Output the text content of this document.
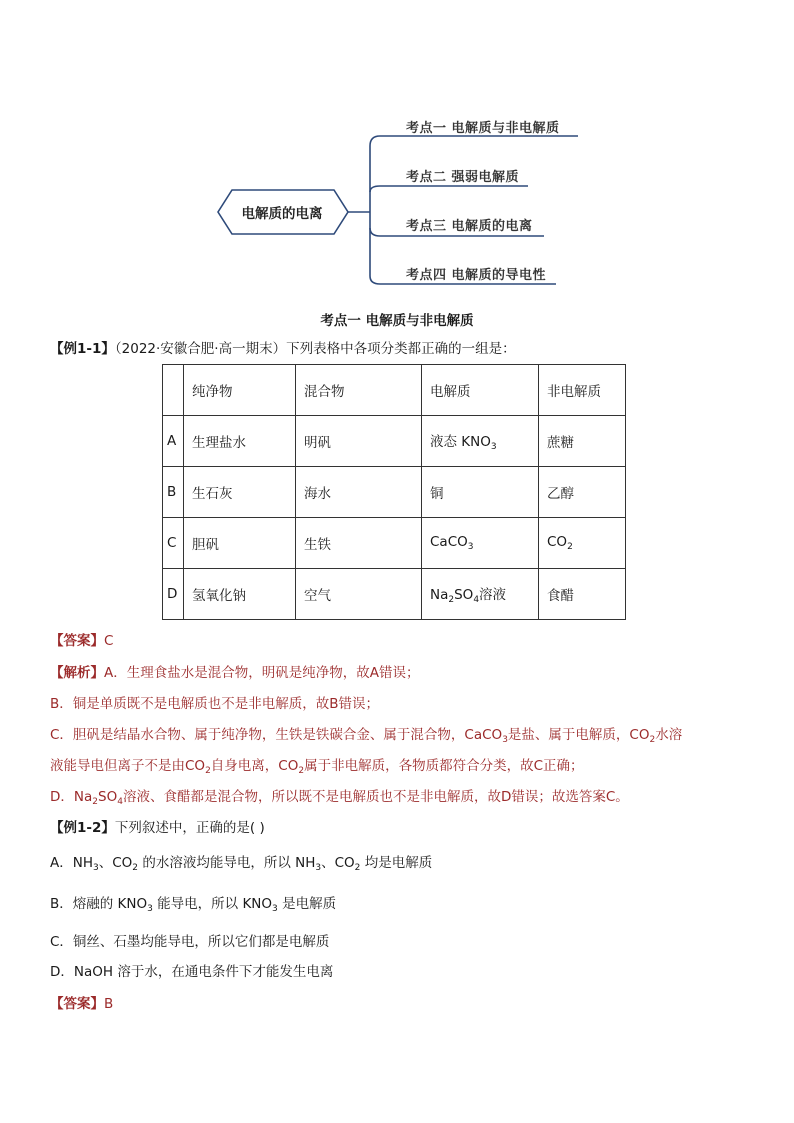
电解质的电离
考点一 电解质与非电解质
考点二 强弱电解质
考点三 电解质的电离
考点四 电解质的导电性
考点一 电解质与非电解质
【例1-1】（2022·安徽合肥·高一期末）下列表格中各项分类都正确的一组是：
	纯净物	混合物	电解质	非电解质
A	生理盐水	明矾	液态 $KNO_3$	蔗糖
B	生石灰	海水	铜	乙醇
C	胆矾	生铁	CaCO$_3$	$CO_2$
D	氢氧化钠	空气	$Na_2SO_4$溶液	食醋
【答案】C
【解析】A．生理食盐水是混合物，明矾是纯净物，故A错误；
B．铜是单质既不是电解质也不是非电解质，故B错误；
C．胆矾是结晶水合物、属于纯净物，生铁是铁碳合金、属于混合物，CaCO$_3$是盐、属于电解质，$CO_2$水溶
液能导电但离子不是由$CO_2$自身电离，$CO_2$属于非电解质，各物质都符合分类，故C正确；
D．$Na_2SO_4$溶液、食醋都是混合物，所以既不是电解质也不是非电解质，故D错误；故选答案C。
【例1-2】下列叙述中，正确的是( )
A．$NH_3$、$CO_2$ 的水溶液均能导电，所以 $NH_3$、$CO_2$ 均是电解质
B．熔融的 $KNO_3$ 能导电，所以 $KNO_3$ 是电解质
C．铜丝、石墨均能导电，所以它们都是电解质
D．NaOH 溶于水，在通电条件下才能发生电离
【答案】B
